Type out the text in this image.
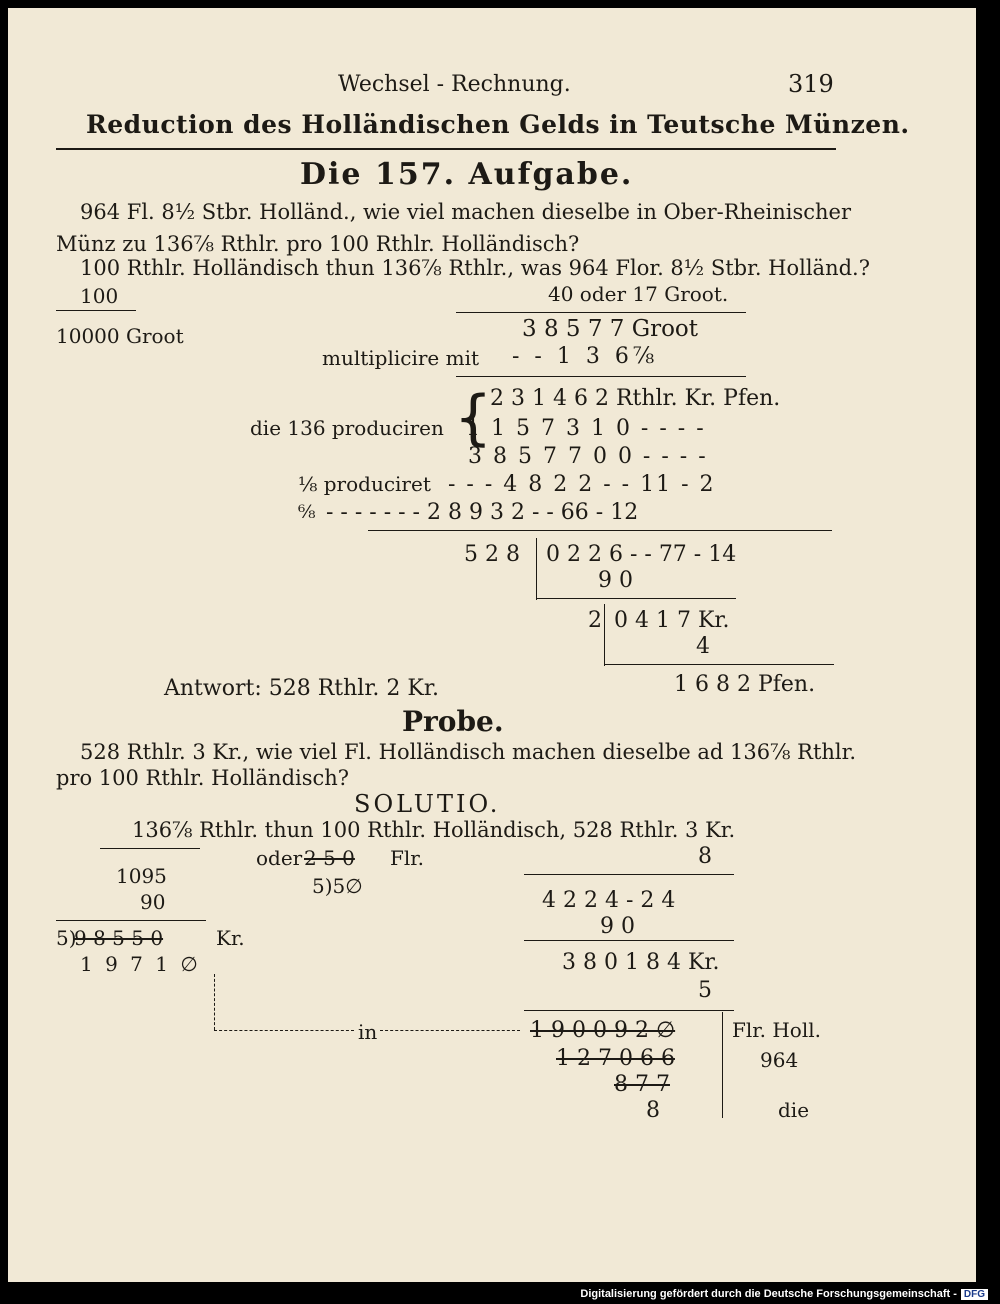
Wechsel - Rechnung.	319
Reduction des Holländischen Gelds in Teutsche Münzen.
Die 157. Aufgabe.
964 Fl. 8½ Stbr. Holländ., wie viel machen dieselbe in Ober-Rheinischer
Münz zu 136⅞ Rthlr. pro 100 Rthlr. Holländisch?
100 Rthlr. Holländisch thun 136⅞ Rthlr., was 964 Flor. 8½ Stbr. Holländ.?
100	40 oder 17 Groot.
10000 Groot	3 8 5 7 7 Groot
multiplicire mit - - 1 3 6⅞
{
2 3 1 4 6 2 Rthlr. Kr. Pfen.
die 136 produciren 1 1 5 7 3 1 0 - - - -
3 8 5 7 7 0 0 - - - -
⅛ produciret - - - 4 8 2 2 - - 11 - 2
⁶⁄₈ - - - - - - - 2 8 9 3 2 - - 66 - 12
5 2 8 0 2 2 6 - - 77 - 14
9 0
2 0 4 1 7 Kr.
4
1 6 8 2 Pfen.
Antwort: 528 Rthlr. 2 Kr.
Probe.
528 Rthlr. 3 Kr., wie viel Fl. Holländisch machen dieselbe ad 136⅞ Rthlr.
pro 100 Rthlr. Holländisch?
SOLUTIO.
136⅞ Rthlr. thun 100 Rthlr. Holländisch, 528 Rthlr. 3 Kr.
oder 2 5 0 Flr.	8
1095	5)5∅
90	4 2 2 4 - 2 4
9 0
5)
9 8 5 5 0	Kr.
1 9 7 1 ∅	3 8 0 1 8 4 Kr.
5
in	1 9 0 0 9 2 ∅	Flr. Holl.
1 2 7 0 6 6	964
8 7 7
8	die
Digitalisierung gefördert durch die Deutsche Forschungsgemeinschaft - DFG
